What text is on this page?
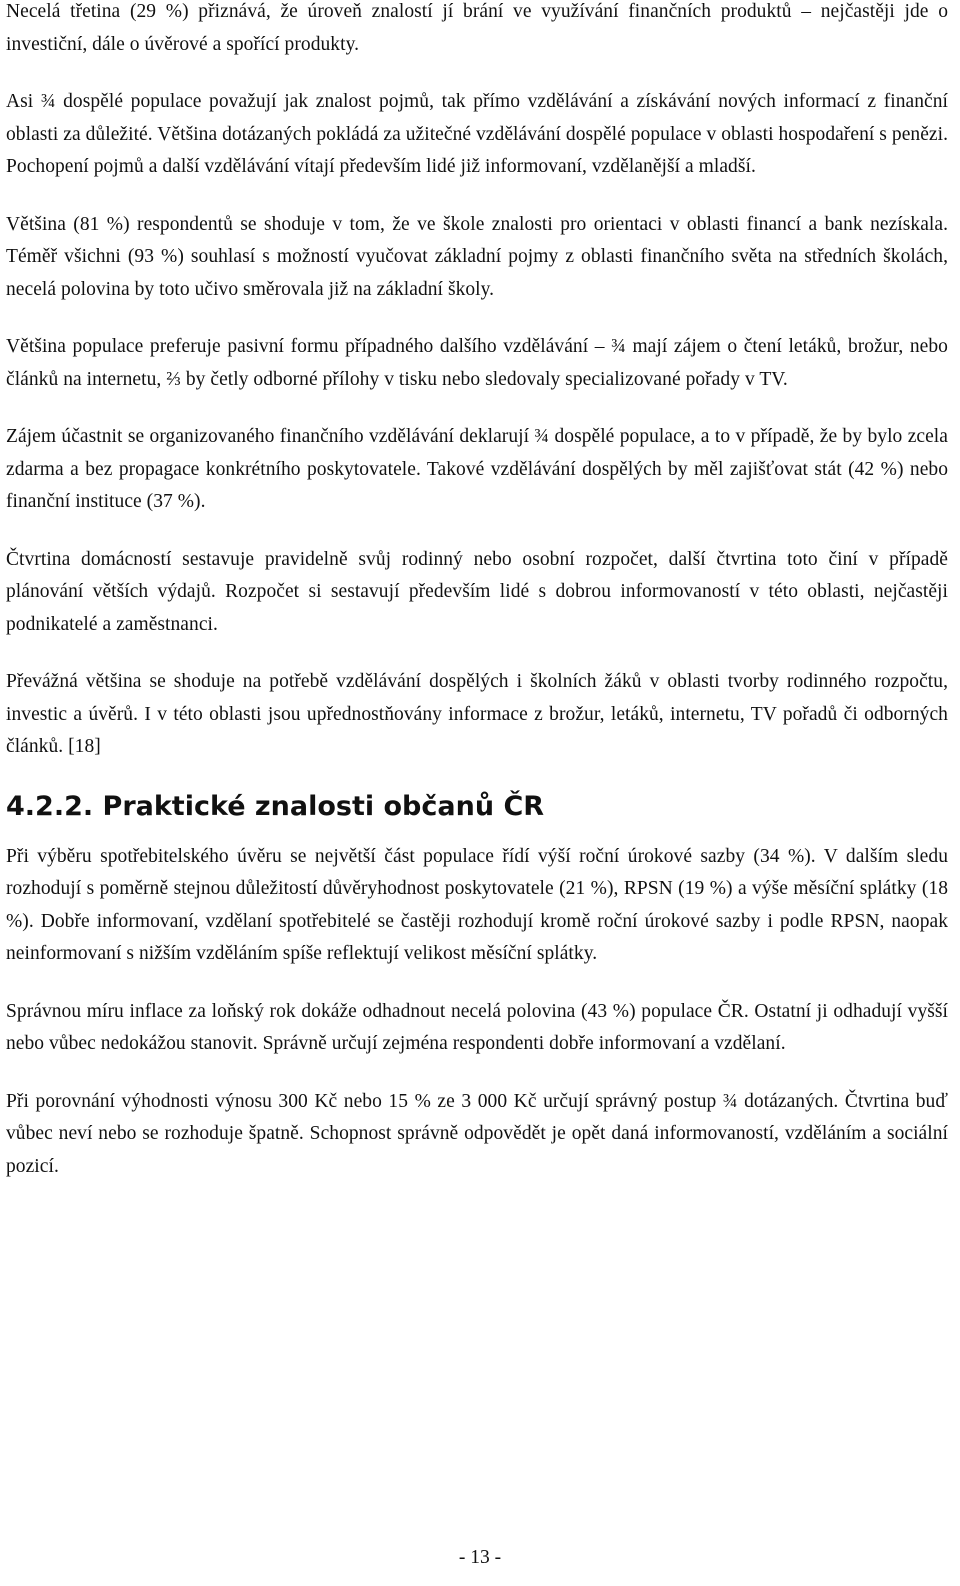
Necelá třetina (29 %) přiznává, že úroveň znalostí jí brání ve využívání finančních produktů – nejčastěji jde o investiční, dále o úvěrové a spořící produkty.

Asi ¾ dospělé populace považují jak znalost pojmů, tak přímo vzdělávání a získávání nových informací z finanční oblasti za důležité. Většina dotázaných pokládá za užitečné vzdělávání dospělé populace v oblasti hospodaření s penězi. Pochopení pojmů a další vzdělávání vítají především lidé již informovaní, vzdělanější a mladší.

Většina (81 %) respondentů se shoduje v tom, že ve škole znalosti pro orientaci v oblasti financí a bank nezískala. Téměř všichni (93 %) souhlasí s možností vyučovat základní pojmy z oblasti finančního světa na středních školách, necelá polovina by toto učivo směrovala již na základní školy.

Většina populace preferuje pasivní formu případného dalšího vzdělávání – ¾ mají zájem o čtení letáků, brožur, nebo článků na internetu, ⅔ by četly odborné přílohy v tisku nebo sledovaly specializované pořady v TV.

Zájem účastnit se organizovaného finančního vzdělávání deklarují ¾ dospělé populace, a to v případě, že by bylo zcela zdarma a bez propagace konkrétního poskytovatele. Takové vzdělávání dospělých by měl zajišťovat stát (42 %) nebo finanční instituce (37 %).

Čtvrtina domácností sestavuje pravidelně svůj rodinný nebo osobní rozpočet, další čtvrtina toto činí v případě plánování větších výdajů. Rozpočet si sestavují především lidé s dobrou informovaností v této oblasti, nejčastěji podnikatelé a zaměstnanci.

Převážná většina se shoduje na potřebě vzdělávání dospělých i školních žáků v oblasti tvorby rodinného rozpočtu, investic a úvěrů. I v této oblasti jsou upřednostňovány informace z brožur, letáků, internetu, TV pořadů či odborných článků. [18]

4.2.2. Praktické znalosti občanů ČR

Při výběru spotřebitelského úvěru se největší část populace řídí výší roční úrokové sazby (34 %). V dalším sledu rozhodují s poměrně stejnou důležitostí důvěryhodnost poskytovatele (21 %), RPSN (19 %) a výše měsíční splátky (18 %). Dobře informovaní, vzdělaní spotřebitelé se častěji rozhodují kromě roční úrokové sazby i podle RPSN, naopak neinformovaní s nižším vzděláním spíše reflektují velikost měsíční splátky.

Správnou míru inflace za loňský rok dokáže odhadnout necelá polovina (43 %) populace ČR. Ostatní ji odhadují vyšší nebo vůbec nedokážou stanovit. Správně určují zejména respondenti dobře informovaní a vzdělaní.

Při porovnání výhodnosti výnosu 300 Kč nebo 15 % ze 3 000 Kč určují správný postup ¾ dotázaných. Čtvrtina buď vůbec neví nebo se rozhoduje špatně. Schopnost správně odpovědět je opět daná informovaností, vzděláním a sociální pozicí.

- 13 -
